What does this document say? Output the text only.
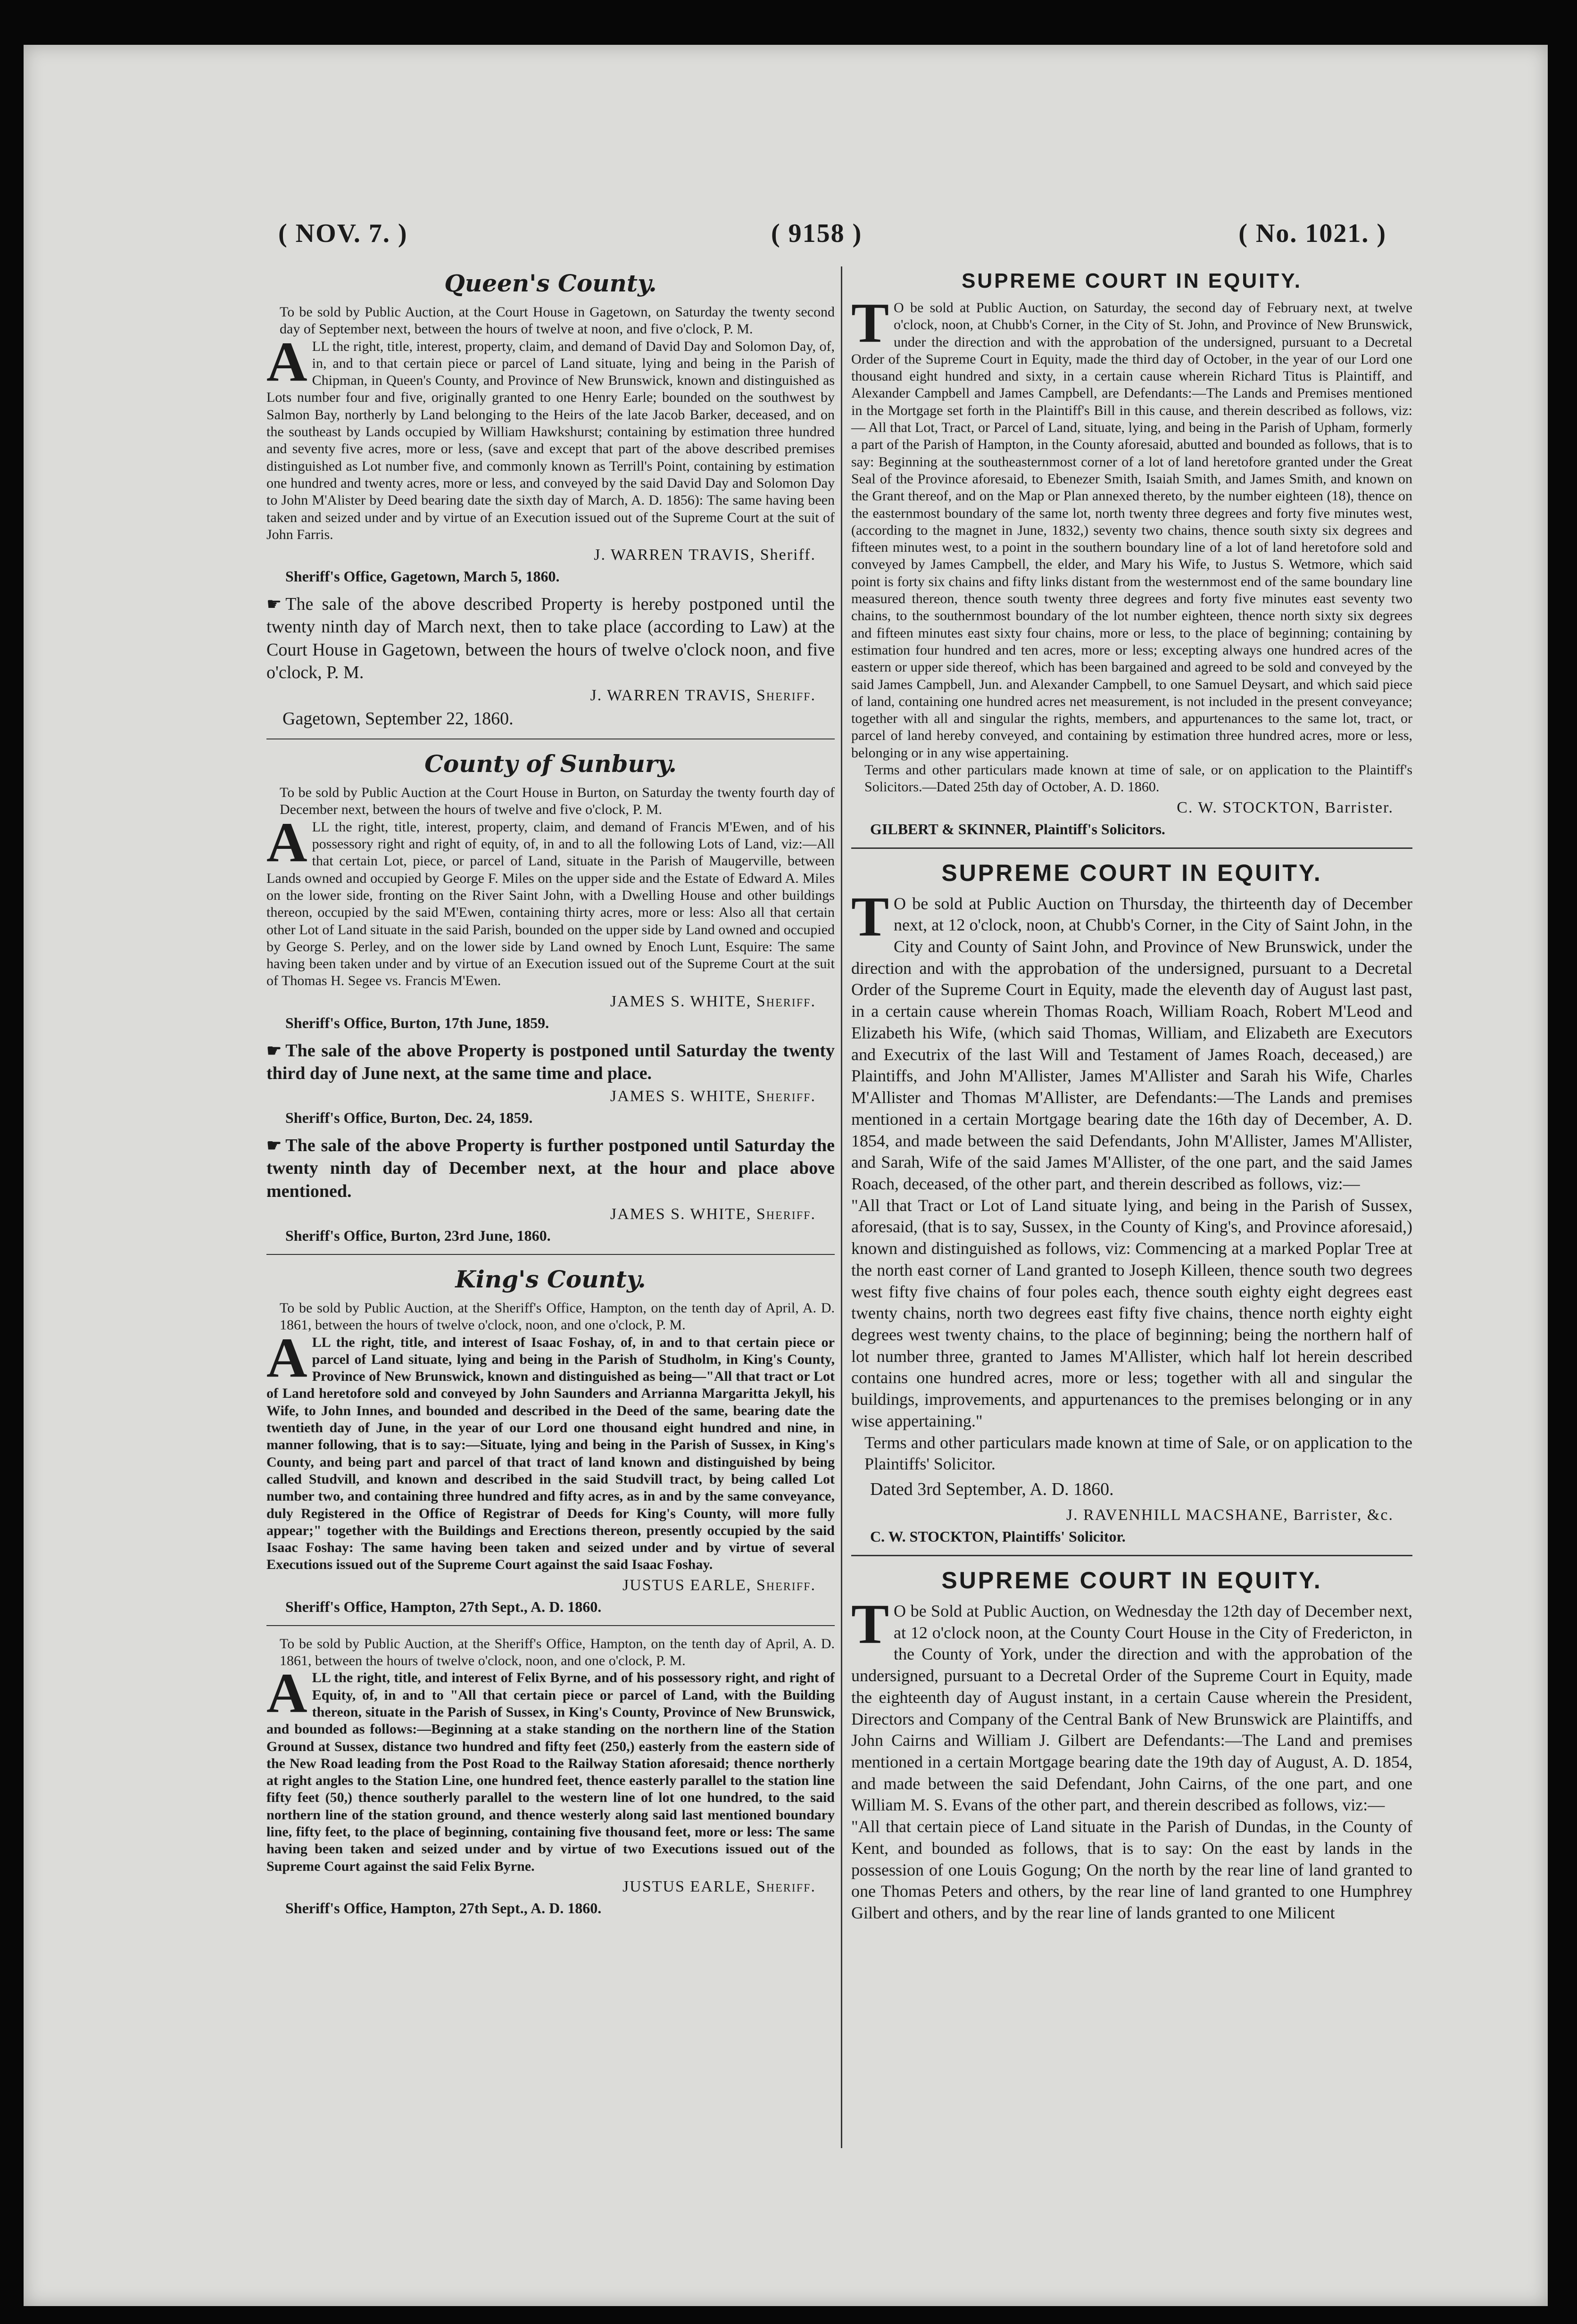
( NOV. 7. )	( 9158 )	( No. 1021. )
Queen's County.

To be sold by Public Auction, at the Court House in Gagetown, on Saturday the twenty second day of September next, between the hours of twelve at noon, and five o'clock, P. M.

ALL the right, title, interest, property, claim, and demand of David Day and Solomon Day, of, in, and to that certain piece or parcel of Land situate, lying and being in the Parish of Chipman, in Queen's County, and Province of New Brunswick, known and distinguished as Lots number four and five, originally granted to one Henry Earle; bounded on the southwest by Salmon Bay, northerly by Land belonging to the Heirs of the late Jacob Barker, deceased, and on the southeast by Lands occupied by William Hawkshurst; containing by estimation three hundred and seventy five acres, more or less, (save and except that part of the above described premises distinguished as Lot number five, and commonly known as Terrill's Point, containing by estimation one hundred and twenty acres, more or less, and conveyed by the said David Day and Solomon Day to John M'Alister by Deed bearing date the sixth day of March, A. D. 1856): The same having been taken and seized under and by virtue of an Execution issued out of the Supreme Court at the suit of John Farris.

J. WARREN TRAVIS, Sheriff.
Sheriff's Office, Gagetown, March 5, 1860.

☛ The sale of the above described Property is hereby postponed until the twenty ninth day of March next, then to take place (according to Law) at the Court House in Gagetown, between the hours of twelve o'clock noon, and five o'clock, P. M.

J. WARREN TRAVIS, Sheriff.
Gagetown, September 22, 1860.
County of Sunbury.

To be sold by Public Auction at the Court House in Burton, on Saturday the twenty fourth day of December next, between the hours of twelve and five o'clock, P. M.

ALL the right, title, interest, property, claim, and demand of Francis M'Ewen, and of his possessory right and right of equity, of, in and to all the following Lots of Land, viz:—All that certain Lot, piece, or parcel of Land, situate in the Parish of Maugerville, between Lands owned and occupied by George F. Miles on the upper side and the Estate of Edward A. Miles on the lower side, fronting on the River Saint John, with a Dwelling House and other buildings thereon, occupied by the said M'Ewen, containing thirty acres, more or less: Also all that certain other Lot of Land situate in the said Parish, bounded on the upper side by Land owned and occupied by George S. Perley, and on the lower side by Land owned by Enoch Lunt, Esquire: The same having been taken under and by virtue of an Execution issued out of the Supreme Court at the suit of Thomas H. Segee vs. Francis M'Ewen.

JAMES S. WHITE, Sheriff.
Sheriff's Office, Burton, 17th June, 1859.

☛ The sale of the above Property is postponed until Saturday the twenty third day of June next, at the same time and place.

JAMES S. WHITE, Sheriff.
Sheriff's Office, Burton, Dec. 24, 1859.

☛ The sale of the above Property is further postponed until Saturday the twenty ninth day of December next, at the hour and place above mentioned.

JAMES S. WHITE, Sheriff.
Sheriff's Office, Burton, 23rd June, 1860.
King's County.

To be sold by Public Auction, at the Sheriff's Office, Hampton, on the tenth day of April, A. D. 1861, between the hours of twelve o'clock, noon, and one o'clock, P. M.

ALL the right, title, and interest of Isaac Foshay, of, in and to that certain piece or parcel of Land situate, lying and being in the Parish of Studholm, in King's County, Province of New Brunswick, known and distinguished as being—"All that tract or Lot of Land heretofore sold and conveyed by John Saunders and Arrianna Margaritta Jekyll, his Wife, to John Innes, and bounded and described in the Deed of the same, bearing date the twentieth day of June, in the year of our Lord one thousand eight hundred and nine, in manner following, that is to say:—Situate, lying and being in the Parish of Sussex, in King's County, and being part and parcel of that tract of land known and distinguished by being called Studvill, and known and described in the said Studvill tract, by being called Lot number two, and containing three hundred and fifty acres, as in and by the same conveyance, duly Registered in the Office of Registrar of Deeds for King's County, will more fully appear;" together with the Buildings and Erections thereon, presently occupied by the said Isaac Foshay: The same having been taken and seized under and by virtue of several Executions issued out of the Supreme Court against the said Isaac Foshay.

JUSTUS EARLE, Sheriff.
Sheriff's Office, Hampton, 27th Sept., A. D. 1860.

To be sold by Public Auction, at the Sheriff's Office, Hampton, on the tenth day of April, A. D. 1861, between the hours of twelve o'clock, noon, and one o'clock, P. M.

ALL the right, title, and interest of Felix Byrne, and of his possessory right, and right of Equity, of, in and to "All that certain piece or parcel of Land, with the Building thereon, situate in the Parish of Sussex, in King's County, Province of New Brunswick, and bounded as follows:—Beginning at a stake standing on the northern line of the Station Ground at Sussex, distance two hundred and fifty feet (250,) easterly from the eastern side of the New Road leading from the Post Road to the Railway Station aforesaid; thence northerly at right angles to the Station Line, one hundred feet, thence easterly parallel to the station line fifty feet (50,) thence southerly parallel to the western line of lot one hundred, to the said northern line of the station ground, and thence westerly along said last mentioned boundary line, fifty feet, to the place of beginning, containing five thousand feet, more or less: The same having been taken and seized under and by virtue of two Executions issued out of the Supreme Court against the said Felix Byrne.

JUSTUS EARLE, Sheriff.
Sheriff's Office, Hampton, 27th Sept., A. D. 1860.
SUPREME COURT IN EQUITY.

T O be sold at Public Auction, on Saturday, the second day of February next, at twelve o'clock, noon, at Chubb's Corner, in the City of St. John, and Province of New Brunswick, under the direction and with the approbation of the undersigned, pursuant to a Decretal Order of the Supreme Court in Equity, made the third day of October, in the year of our Lord one thousand eight hundred and sixty, in a certain cause wherein Richard Titus is Plaintiff, and Alexander Campbell and James Campbell, are Defendants:—The Lands and Premises mentioned in the Mortgage set forth in the Plaintiff's Bill in this cause, and therein described as follows, viz:— All that Lot, Tract, or Parcel of Land, situate, lying, and being in the Parish of Upham, formerly a part of the Parish of Hampton, in the County aforesaid, abutted and bounded as follows, that is to say: Beginning at the southeasternmost corner of a lot of land heretofore granted under the Great Seal of the Province aforesaid, to Ebenezer Smith, Isaiah Smith, and James Smith, and known on the Grant thereof, and on the Map or Plan annexed thereto, by the number eighteen (18), thence on the easternmost boundary of the same lot, north twenty three degrees and forty five minutes west, (according to the magnet in June, 1832,) seventy two chains, thence south sixty six degrees and fifteen minutes west, to a point in the southern boundary line of a lot of land heretofore sold and conveyed by James Campbell, the elder, and Mary his Wife, to Justus S. Wetmore, which said point is forty six chains and fifty links distant from the westernmost end of the same boundary line measured thereon, thence south twenty three degrees and forty five minutes east seventy two chains, to the southernmost boundary of the lot number eighteen, thence north sixty six degrees and fifteen minutes east sixty four chains, more or less, to the place of beginning; containing by estimation four hundred and ten acres, more or less; excepting always one hundred acres of the eastern or upper side thereof, which has been bargained and agreed to be sold and conveyed by the said James Campbell, Jun. and Alexander Campbell, to one Samuel Deysart, and which said piece of land, containing one hundred acres net measurement, is not included in the present conveyance; together with all and singular the rights, members, and appurtenances to the same lot, tract, or parcel of land hereby conveyed, and containing by estimation three hundred acres, more or less, belonging or in any wise appertaining.

Terms and other particulars made known at time of sale, or on application to the Plaintiff's Solicitors.—Dated 25th day of October, A. D. 1860.

C. W. STOCKTON, Barrister.
GILBERT & SKINNER, Plaintiff's Solicitors.
SUPREME COURT IN EQUITY.

T O be sold at Public Auction on Thursday, the thirteenth day of December next, at 12 o'clock, noon, at Chubb's Corner, in the City of Saint John, in the City and County of Saint John, and Province of New Brunswick, under the direction and with the approbation of the undersigned, pursuant to a Decretal Order of the Supreme Court in Equity, made the eleventh day of August last past, in a certain cause wherein Thomas Roach, William Roach, Robert M'Leod and Elizabeth his Wife, (which said Thomas, William, and Elizabeth are Executors and Executrix of the last Will and Testament of James Roach, deceased,) are Plaintiffs, and John M'Allister, James M'Allister and Sarah his Wife, Charles M'Allister and Thomas M'Allister, are Defendants:—The Lands and premises mentioned in a certain Mortgage bearing date the 16th day of December, A. D. 1854, and made between the said Defendants, John M'Allister, James M'Allister, and Sarah, Wife of the said James M'Allister, of the one part, and the said James Roach, deceased, of the other part, and therein described as follows, viz:—

"All that Tract or Lot of Land situate lying, and being in the Parish of Sussex, aforesaid, (that is to say, Sussex, in the County of King's, and Province aforesaid,) known and distinguished as follows, viz: Commencing at a marked Poplar Tree at the north east corner of Land granted to Joseph Killeen, thence south two degrees west fifty five chains of four poles each, thence south eighty eight degrees east twenty chains, north two degrees east fifty five chains, thence north eighty eight degrees west twenty chains, to the place of beginning; being the northern half of lot number three, granted to James M'Allister, which half lot herein described contains one hundred acres, more or less; together with all and singular the buildings, improvements, and appurtenances to the premises belonging or in any wise appertaining."

Terms and other particulars made known at time of Sale, or on application to the Plaintiffs' Solicitor.

Dated 3rd September, A. D. 1860.
J. RAVENHILL MACSHANE, Barrister, &c.
C. W. STOCKTON, Plaintiffs' Solicitor.
SUPREME COURT IN EQUITY.

T O be Sold at Public Auction, on Wednesday the 12th day of December next, at 12 o'clock noon, at the County Court House in the City of Fredericton, in the County of York, under the direction and with the approbation of the undersigned, pursuant to a Decretal Order of the Supreme Court in Equity, made the eighteenth day of August instant, in a certain Cause wherein the President, Directors and Company of the Central Bank of New Brunswick are Plaintiffs, and John Cairns and William J. Gilbert are Defendants:—The Land and premises mentioned in a certain Mortgage bearing date the 19th day of August, A. D. 1854, and made between the said Defendant, John Cairns, of the one part, and one William M. S. Evans of the other part, and therein described as follows, viz:—

"All that certain piece of Land situate in the Parish of Dundas, in the County of Kent, and bounded as follows, that is to say: On the east by lands in the possession of one Louis Gogung; On the north by the rear line of land granted to one Thomas Peters and others, by the rear line of land granted to one Humphrey Gilbert and others, and by the rear line of lands granted to one Milicent
